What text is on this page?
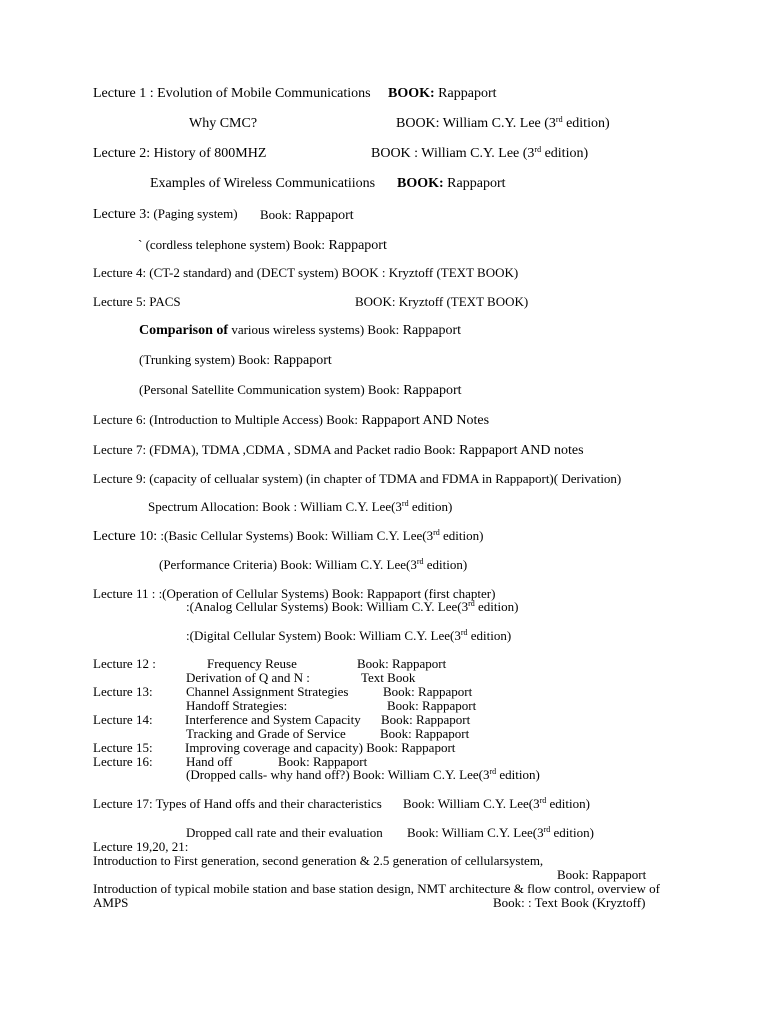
Lecture 1 : Evolution of Mobile Communications BOOK: Rappaport
Why CMC?	BOOK: William C.Y. Lee (3rd edition)
Lecture 2: History of 800MHZ	BOOK : William C.Y. Lee (3rd edition)
Examples of Wireless Communicatiions BOOK: Rappaport
Lecture 3: (Paging system) Book: Rappaport
` (cordless telephone system) Book: Rappaport
Lecture 4: (CT-2 standard) and (DECT system) BOOK : Kryztoff (TEXT BOOK)
Lecture 5: PACS	BOOK: Kryztoff (TEXT BOOK)
Comparison of various wireless systems) Book: Rappaport
(Trunking system) Book: Rappaport
(Personal Satellite Communication system) Book: Rappaport
Lecture 6: (Introduction to Multiple Access) Book: Rappaport AND Notes
Lecture 7: (FDMA), TDMA ,CDMA , SDMA and Packet radio Book: Rappaport AND notes
Lecture 9: (capacity of cellualar system) (in chapter of TDMA and FDMA in Rappaport)( Derivation)
Spectrum Allocation: Book : William C.Y. Lee(3rd edition)
Lecture 10: :(Basic Cellular Systems) Book: William C.Y. Lee(3rd edition)
(Performance Criteria) Book: William C.Y. Lee(3rd edition)
Lecture 11 : :(Operation of Cellular Systems) Book: Rappaport (first chapter)
:(Analog Cellular Systems) Book: William C.Y. Lee(3rd edition)
:(Digital Cellular System) Book: William C.Y. Lee(3rd edition)
Lecture 12 :	Frequency Reuse	Book: Rappaport
Derivation of Q and N :	Text Book
Lecture 13:	Channel Assignment Strategies	Book: Rappaport
Handoff Strategies:	Book: Rappaport
Lecture 14: Interference and System Capacity Book: Rappaport
Tracking and Grade of Service	Book: Rappaport
Lecture 15: Improving coverage and capacity) Book: Rappaport
Lecture 16:	Hand off	Book: Rappaport
(Dropped calls- why hand off?) Book: William C.Y. Lee(3rd edition)
Lecture 17: Types of Hand offs and their characteristics Book: William C.Y. Lee(3rd edition)
Dropped call rate and their evaluation Book: William C.Y. Lee(3rd edition)
Lecture 19,20, 21:
Introduction to First generation, second generation & 2.5 generation of cellularsystem,
Book: Rappaport
Introduction of typical mobile station and base station design, NMT architecture & flow control, overview of
AMPS	Book: : Text Book (Kryztoff)
